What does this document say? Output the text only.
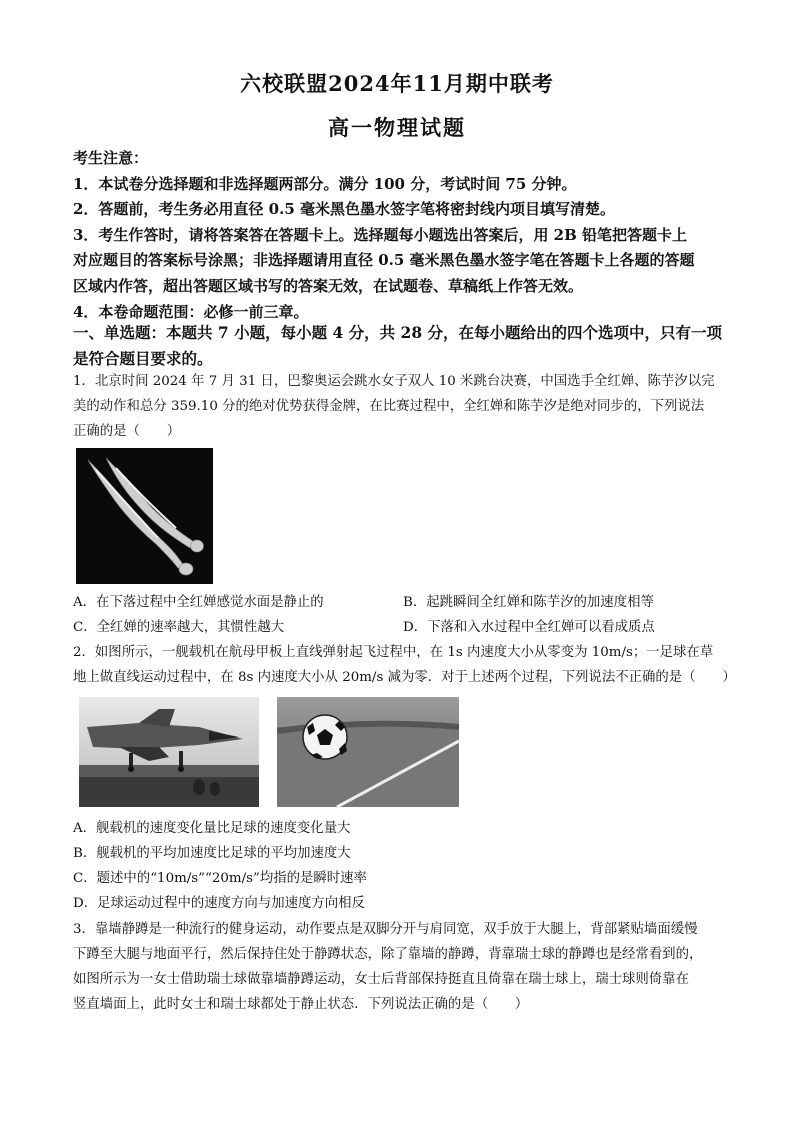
六校联盟2024年11月期中联考
高一物理试题

考生注意：

1．本试卷分选择题和非选择题两部分。满分 100 分，考试时间 75 分钟。

2．答题前，考生务必用直径 0.5 毫米黑色墨水签字笔将密封线内项目填写清楚。

3．考生作答时，请将答案答在答题卡上。选择题每小题选出答案后，用 2B 铅笔把答题卡上

对应题目的答案标号涂黑；非选择题请用直径 0.5 毫米黑色墨水签字笔在答题卡上各题的答题

区域内作答，超出答题区域书写的答案无效，在试题卷、草稿纸上作答无效。

4．本卷命题范围：必修一前三章。

一、单选题：本题共 7 小题，每小题 4 分，共 28 分，在每小题给出的四个选项中，只有一项

是符合题目要求的。

1．北京时间 2024 年 7 月 31 日，巴黎奥运会跳水女子双人 10 米跳台决赛，中国选手全红婵、陈芋汐以完

美的动作和总分 359.10 分的绝对优势获得金牌，在比赛过程中，全红婵和陈芋汐是绝对同步的，下列说法

正确的是（　　）

A．在下落过程中全红婵感觉水面是静止的	B．起跳瞬间全红婵和陈芋汐的加速度相等
C．全红婵的速率越大，其惯性越大	D．下落和入水过程中全红婵可以看成质点

2．如图所示，一舰载机在航母甲板上直线弹射起飞过程中，在 1s 内速度大小从零变为 10m/s；一足球在草

地上做直线运动过程中，在 8s 内速度大小从 20m/s 减为零．对于上述两个过程，下列说法不正确的是（　　）

A．舰载机的速度变化量比足球的速度变化量大

B．舰载机的平均加速度比足球的平均加速度大

C．题述中的“10m/s”“20m/s”均指的是瞬时速率

D．足球运动过程中的速度方向与加速度方向相反

3．靠墙静蹲是一种流行的健身运动，动作要点是双脚分开与肩同宽，双手放于大腿上，背部紧贴墙面缓慢

下蹲至大腿与地面平行，然后保持住处于静蹲状态，除了靠墙的静蹲，背靠瑞士球的静蹲也是经常看到的，

如图所示为一女士借助瑞士球做靠墙静蹲运动，女士后背部保持挺直且倚靠在瑞士球上，瑞士球则倚靠在

竖直墙面上，此时女士和瑞士球都处于静止状态．下列说法正确的是（　　）
